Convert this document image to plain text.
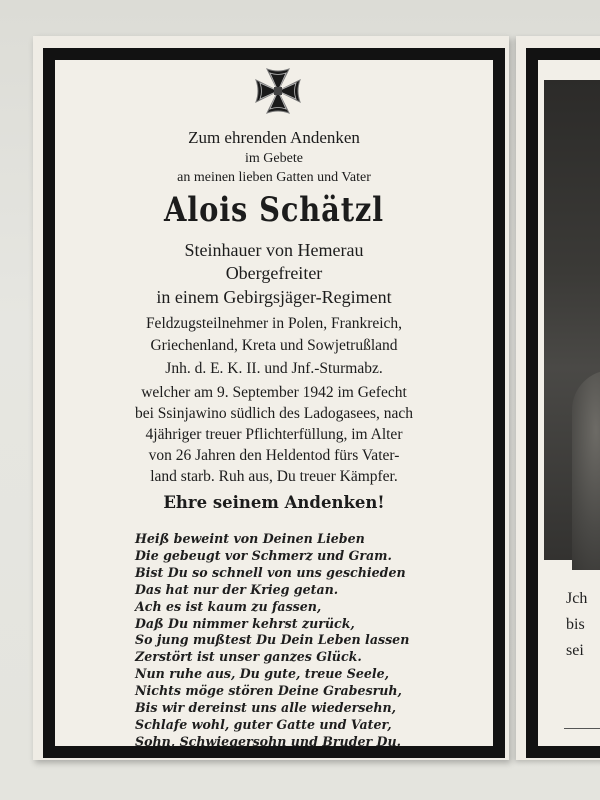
Zum ehrenden Andenken
im Gebete
an meinen lieben Gatten und Vater
Alois Schätzl
Steinhauer von Hemerau
Obergefreiter
in einem Gebirgsjäger-Regiment
Feldzugsteilnehmer in Polen, Frankreich,
Griechenland, Kreta und Sowjetrußland
Jnh. d. E. K. II. und Jnf.-Sturmabz.
welcher am 9. September 1942 im Gefecht
bei Ssinjawino südlich des Ladogasees, nach
4jähriger treuer Pflichterfüllung, im Alter
von 26 Jahren den Heldentod fürs Vater-
land starb. Ruh aus, Du treuer Kämpfer.
Ehre seinem Andenken!
Heiß beweint von Deinen Lieben
Die gebeugt vor Schmerz und Gram.
Bist Du so schnell von uns geschieden
Das hat nur der Krieg getan.
Ach es ist kaum zu fassen,
Daß Du nimmer kehrst zurück,
So jung mußtest Du Dein Leben lassen
Zerstört ist unser ganzes Glück.
Nun ruhe aus, Du gute, treue Seele,
Nichts möge stören Deine Grabesruh,
Bis wir dereinst uns alle wiedersehn,
Schlafe wohl, guter Gatte und Vater,
Sohn, Schwiegersohn und Bruder Du.
Jch
bis
sei
